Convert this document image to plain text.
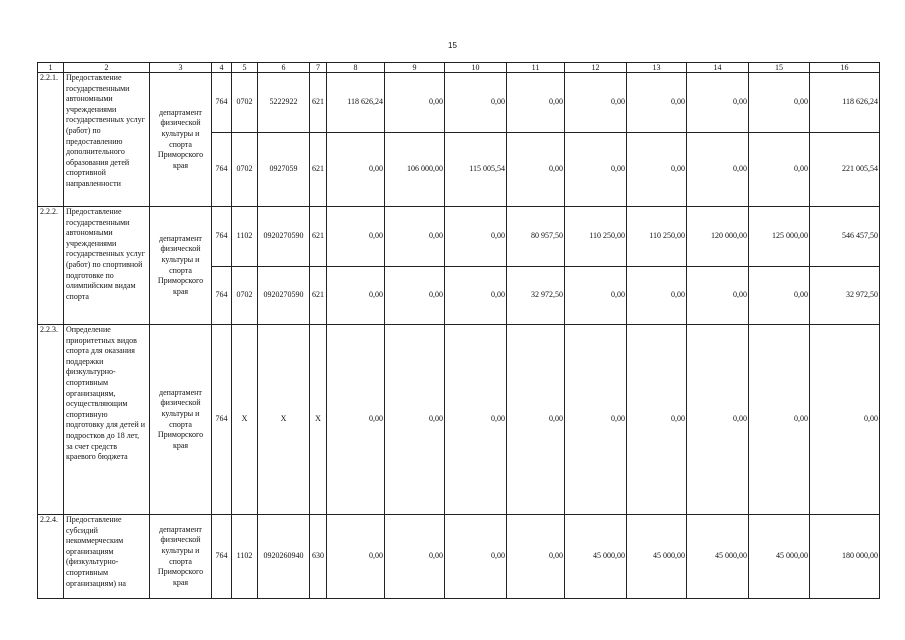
15
1	2	3	4	5	6	7	8	9	10	11	12	13	14	15	16
2.2.1.	Предоставление государственными автономными учреждениями государственных услуг (работ) по предоставлению дополнительного образования детей спортивной направленности	департамент физической культуры и спорта Приморского края	764	0702	5222922	621	118 626,24	0,00	0,00	0,00	0,00	0,00	0,00	0,00	118 626,24
			764	0702	0927059	621	0,00	106 000,00	115 005,54	0,00	0,00	0,00	0,00	0,00	221 005,54
2.2.2.	Предоставление государственными автономными учреждениями государственных услуг (работ) по спортивной подготовке по олимпийским видам спорта	департамент физической культуры и спорта Приморского края	764	1102	0920270590	621	0,00	0,00	0,00	80 957,50	110 250,00	110 250,00	120 000,00	125 000,00	546 457,50
			764	0702	0920270590	621	0,00	0,00	0,00	32 972,50	0,00	0,00	0,00	0,00	32 972,50
2.2.3.	Определение приоритетных видов спорта для оказания поддержки физкультурно-спортивным организациям, осуществляющим спортивную подготовку для детей и подростков до 18 лет, за счет средств краевого бюджета	департамент физической культуры и спорта Приморского края	764	X	X	X	0,00	0,00	0,00	0,00	0,00	0,00	0,00	0,00	0,00
2.2.4.	Предоставление субсидий некоммерческим организациям (физкультурно-спортивным организациям) на	департамент физической культуры и спорта Приморского края	764	1102	0920260940	630	0,00	0,00	0,00	0,00	45 000,00	45 000,00	45 000,00	45 000,00	180 000,00
